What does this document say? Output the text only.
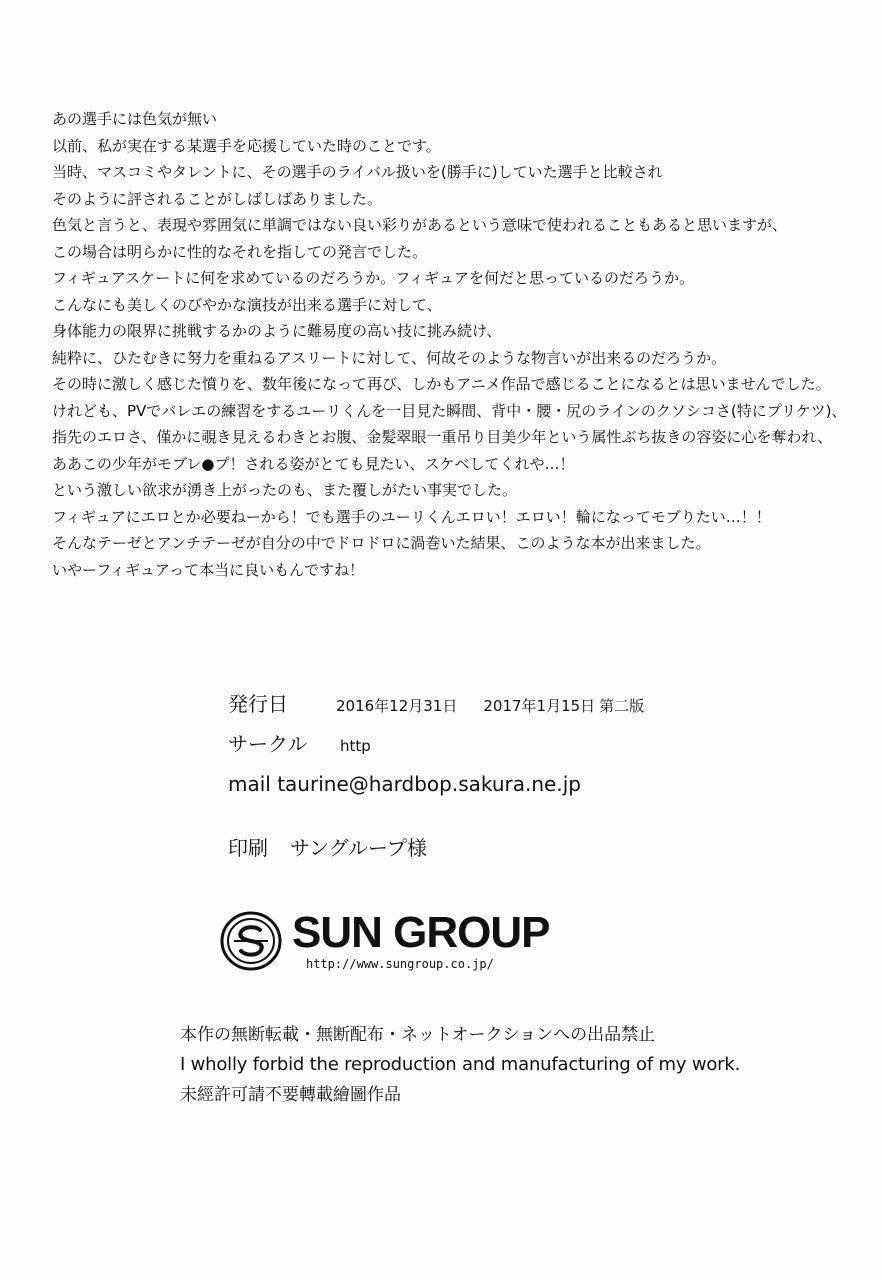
あの選手には色気が無い
以前、私が実在する某選手を応援していた時のことです。
当時、マスコミやタレントに、その選手のライバル扱いを(勝手に)していた選手と比較され
そのように評されることがしばしばありました。
色気と言うと、表現や雰囲気に単調ではない良い彩りがあるという意味で使われることもあると思いますが、
この場合は明らかに性的なそれを指しての発言でした。
フィギュアスケートに何を求めているのだろうか。フィギュアを何だと思っているのだろうか。
こんなにも美しくのびやかな演技が出来る選手に対して、
身体能力の限界に挑戦するかのように難易度の高い技に挑み続け、
純粋に、ひたむきに努力を重ねるアスリートに対して、何故そのような物言いが出来るのだろうか。
その時に激しく感じた憤りを、数年後になって再び、しかもアニメ作品で感じることになるとは思いませんでした。
けれども、PVでバレエの練習をするユーリくんを一目見た瞬間、背中・腰・尻のラインのクソシコさ(特にプリケツ)、
指先のエロさ、僅かに覗き見えるわきとお腹、金髪翠眼一重吊り目美少年という属性ぶち抜きの容姿に心を奪われ、
ああこの少年がモブレ●プ！される姿がとても見たい、スケベしてくれや…！
という激しい欲求が湧き上がったのも、また覆しがたい事実でした。
フィギュアにエロとか必要ねーから！でも選手のユーリくんエロい！エロい！輪になってモブりたい…！！
そんなテーゼとアンチテーゼが自分の中でドロドロに渦巻いた結果、このような本が出来ました。
いやーフィギュアって本当に良いもんですね！
発行日	2016年12月31日 2017年1月15日 第二版
サークル	http
mail taurine@hardbop.sakura.ne.jp
印刷 サングループ様
SUN GROUP
http://www.sungroup.co.jp/
本作の無断転載・無断配布・ネットオークションへの出品禁止
I wholly forbid the reproduction and manufacturing of my work.
未經許可請不要轉載繪圖作品
